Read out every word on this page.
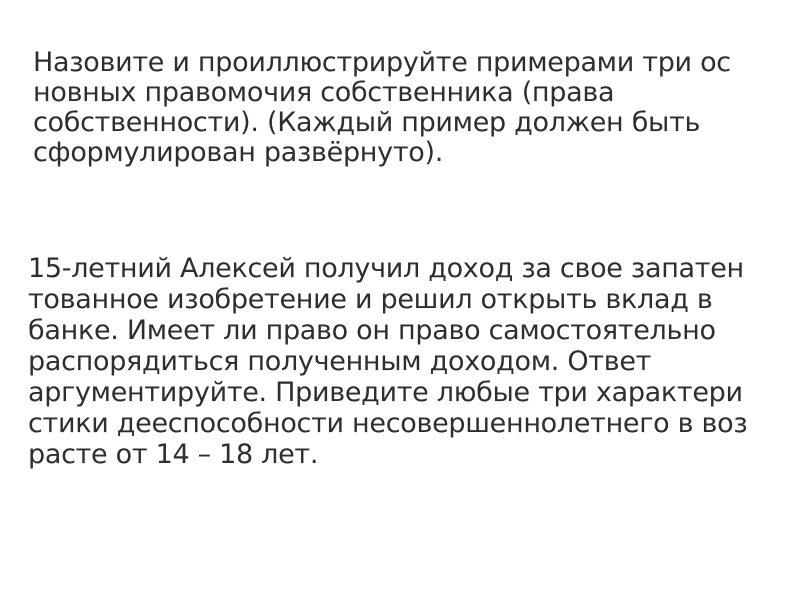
Назовите и проиллюстрируйте примерами три ос
новных правомочия собственника (права
собственности). (Каждый пример должен быть
сформулирован развёрнуто).
15-летний Алексей получил доход за свое запатен
тованное изобретение и решил открыть вклад в
банке. Имеет ли право он право самостоятельно
распорядиться полученным доходом. Ответ
аргументируйте. Приведите любые три характери
стики дееспособности несовершеннолетнего в воз
расте от 14 – 18 лет.
